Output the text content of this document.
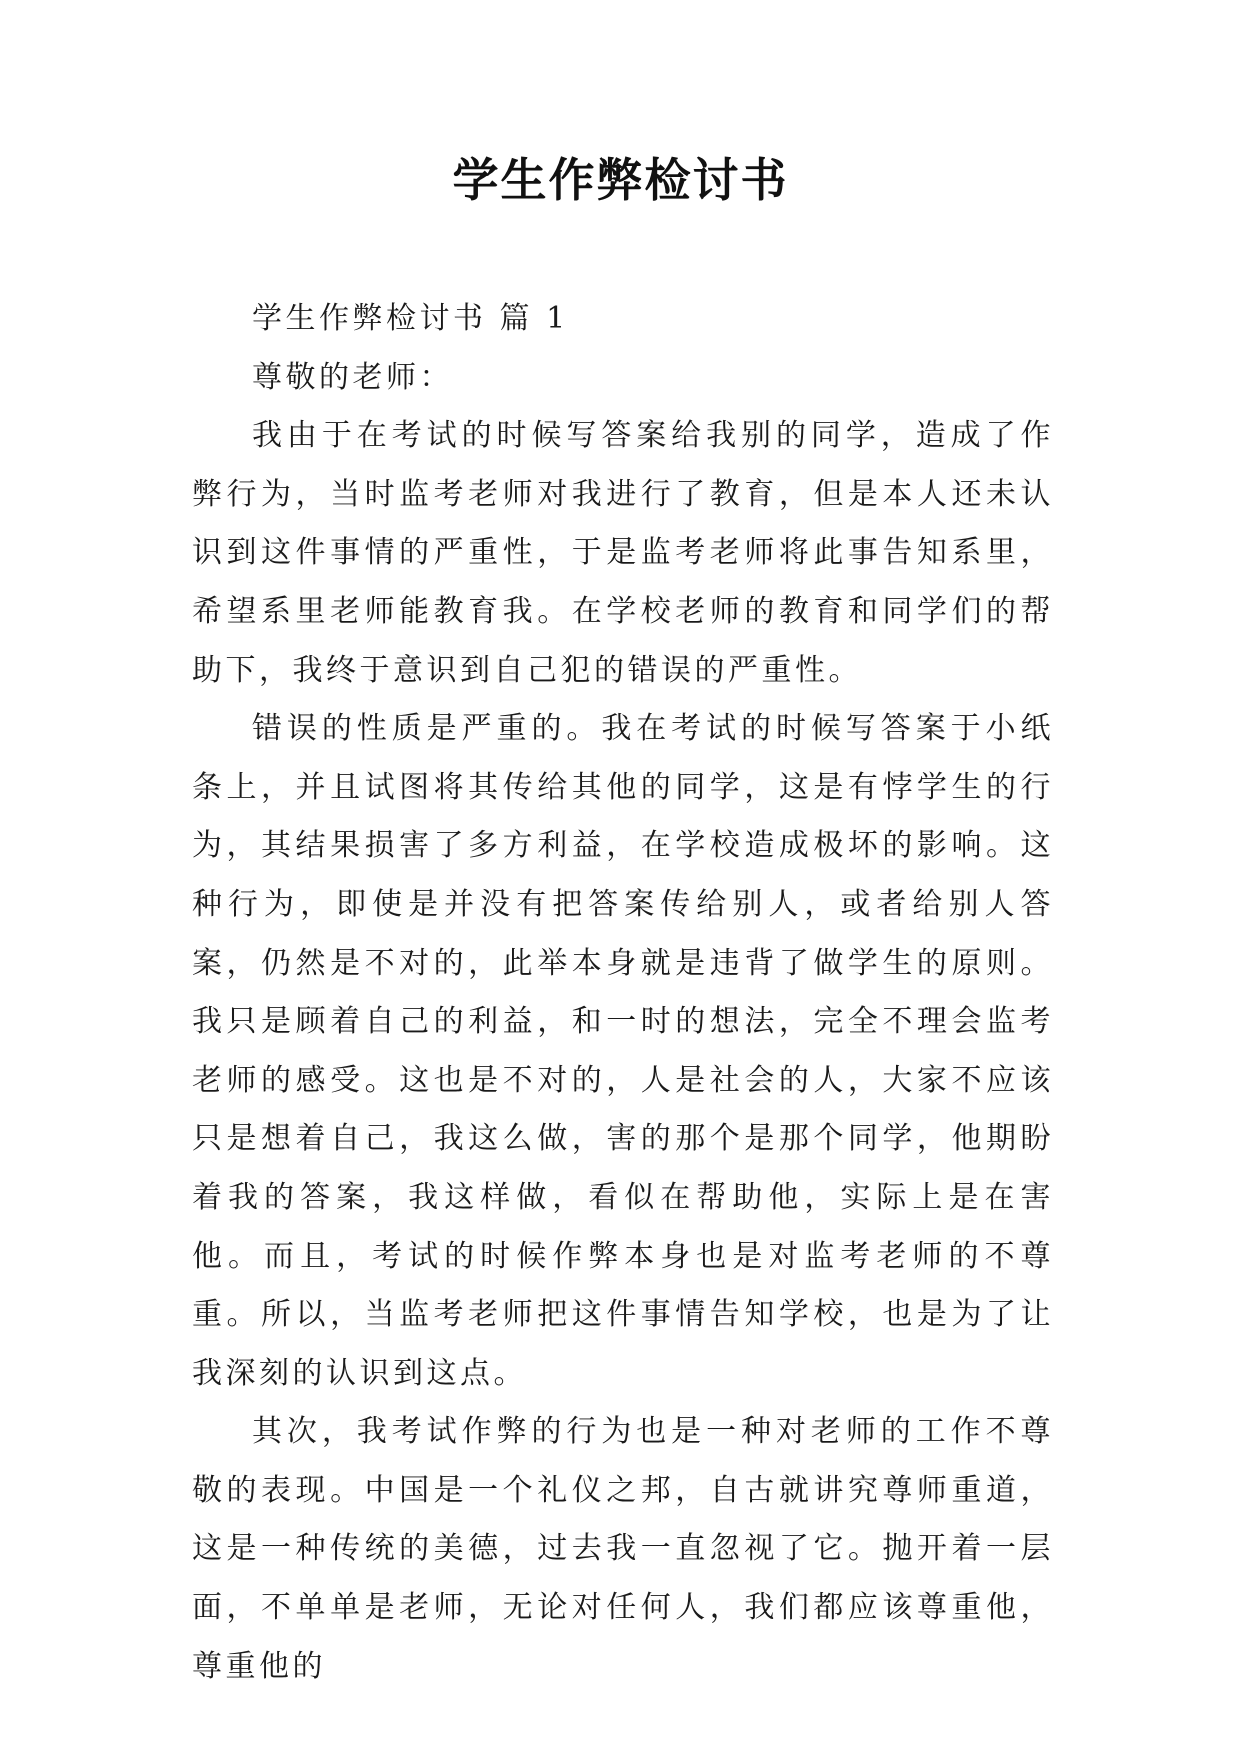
学生作弊检讨书

学生作弊检讨书 篇 1

尊敬的老师：

我由于在考试的时候写答案给我别的同学，造成了作弊行为，当时监考老师对我进行了教育，但是本人还未认识到这件事情的严重性，于是监考老师将此事告知系里，希望系里老师能教育我。在学校老师的教育和同学们的帮助下，我终于意识到自己犯的错误的严重性。

错误的性质是严重的。我在考试的时候写答案于小纸条上，并且试图将其传给其他的同学，这是有悖学生的行为，其结果损害了多方利益，在学校造成极坏的影响。这种行为，即使是并没有把答案传给别人，或者给别人答案，仍然是不对的，此举本身就是违背了做学生的原则。我只是顾着自己的利益，和一时的想法，完全不理会监考老师的感受。这也是不对的，人是社会的人，大家不应该只是想着自己，我这么做，害的那个是那个同学，他期盼着我的答案，我这样做，看似在帮助他，实际上是在害他。而且，考试的时候作弊本身也是对监考老师的不尊重。所以，当监考老师把这件事情告知学校，也是为了让我深刻的认识到这点。

其次，我考试作弊的行为也是一种对老师的工作不尊敬的表现。中国是一个礼仪之邦，自古就讲究尊师重道，这是一种传统的美德，过去我一直忽视了它。抛开着一层面，不单单是老师，无论对任何人，我们都应该尊重他，尊重他的
